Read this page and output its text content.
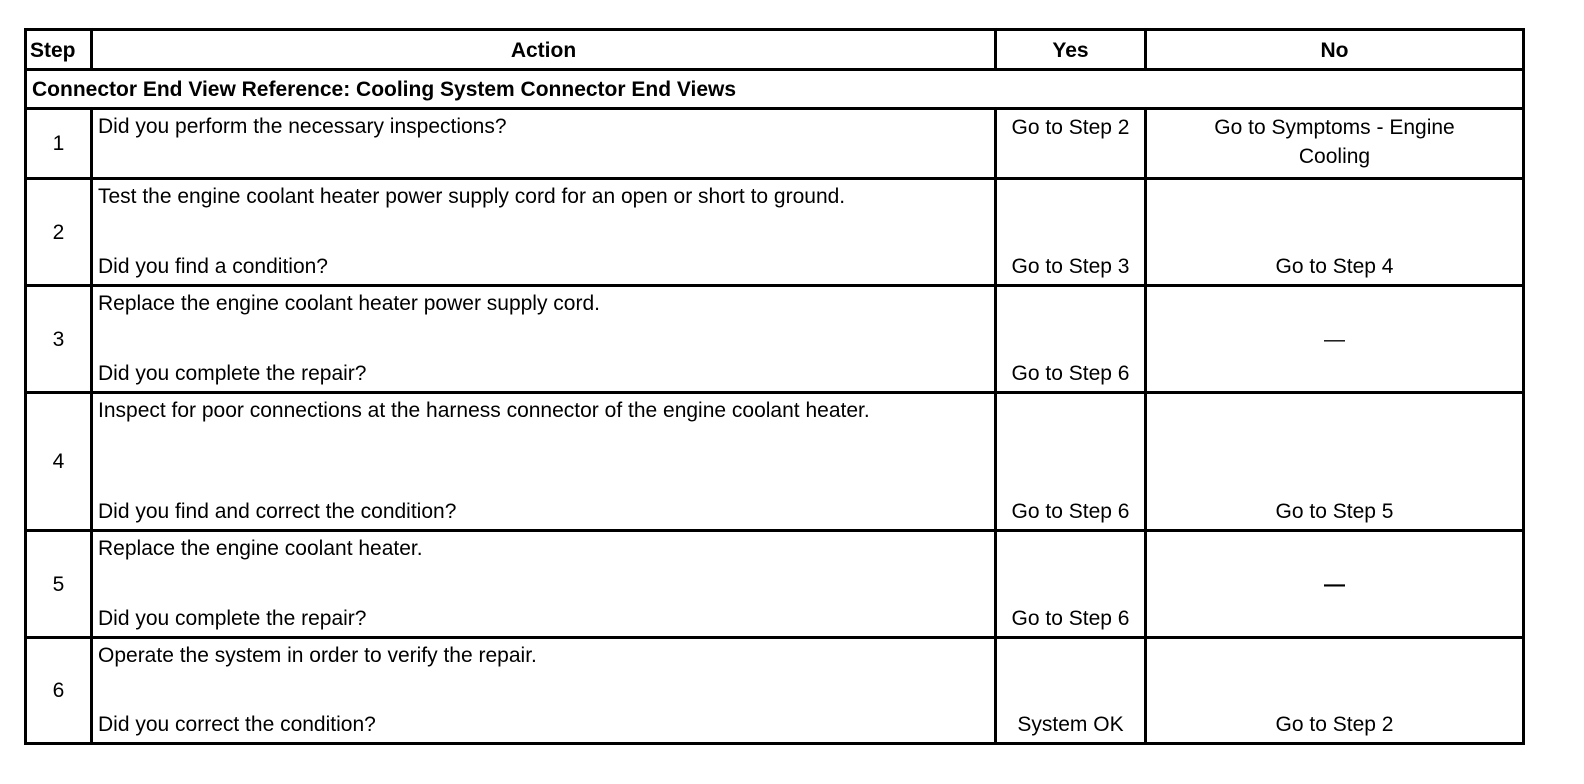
Step	Action	Yes	No
Connector End View Reference: Cooling System Connector End Views			
1	Did you perform the necessary inspections?	Go to Step 2	Go to Symptoms - Engine Cooling
2	Test the engine coolant heater power supply cord for an open or short to ground.
Did you find a condition?	Go to Step 3	Go to Step 4
3	Replace the engine coolant heater power supply cord.
Did you complete the repair?	Go to Step 6	—
4	Inspect for poor connections at the harness connector of the engine coolant heater.
Did you find and correct the condition?	Go to Step 6	Go to Step 5
5	Replace the engine coolant heater.
Did you complete the repair?	Go to Step 6	—
6	Operate the system in order to verify the repair.
Did you correct the condition?	System OK	Go to Step 2
